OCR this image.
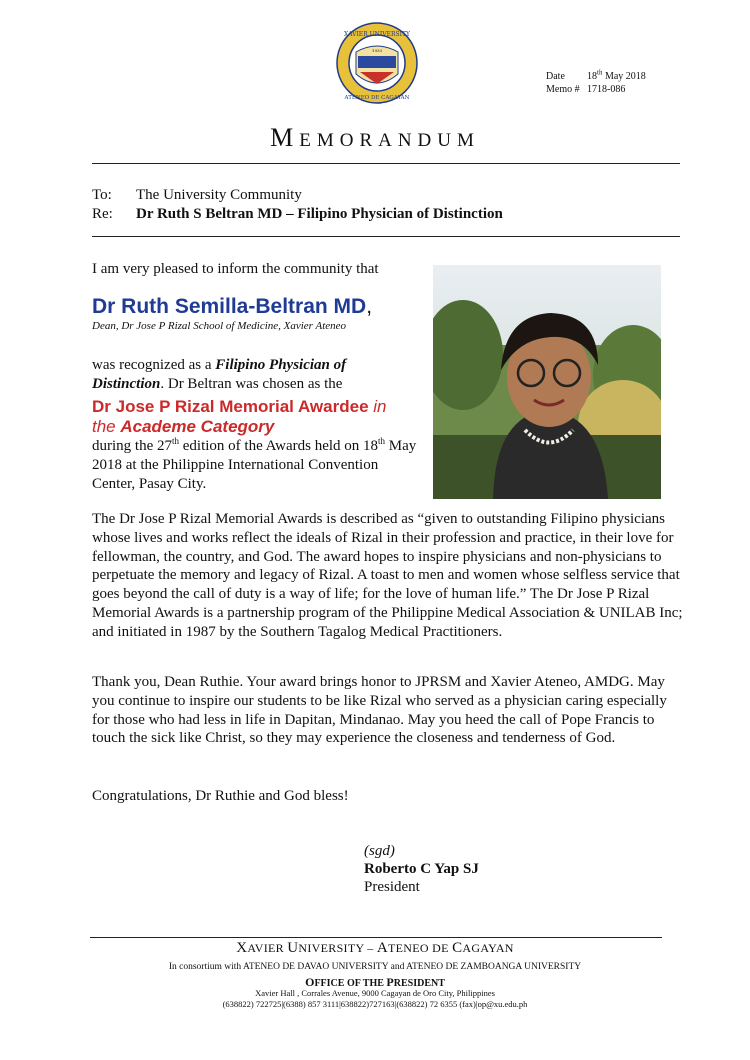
XAVIER UNIVERSITY
ATENEO DE CAGAYAN
1933
Date	18th May 2018
Memo # 1718-086
MEMORANDUM
To:	The University Community
Re:	Dr Ruth S Beltran MD – Filipino Physician of Distinction
I am very pleased to inform the community that
Dr Ruth Semilla-Beltran MD,
Dean, Dr Jose P Rizal School of Medicine, Xavier Ateneo
was recognized as a Filipino Physician of Distinction. Dr Beltran was chosen as the
Dr Jose P Rizal Memorial Awardee in the Academe Category
during the 27th edition of the Awards held on 18th May 2018 at the Philippine International Convention Center, Pasay City.
The Dr Jose P Rizal Memorial Awards is described as “given to outstanding Filipino physicians whose lives and works reflect the ideals of Rizal in their profession and practice, in their love for fellowman, the country, and God. The award hopes to inspire physicians and non-physicians to perpetuate the memory and legacy of Rizal. A toast to men and women whose selfless service that goes beyond the call of duty is a way of life; for the love of human life.” The Dr Jose P Rizal Memorial Awards is a partnership program of the Philippine Medical Association & UNILAB Inc; and initiated in 1987 by the Southern Tagalog Medical Practitioners.
Thank you, Dean Ruthie. Your award brings honor to JPRSM and Xavier Ateneo, AMDG. May you continue to inspire our students to be like Rizal who served as a physician caring especially for those who had less in life in Dapitan, Mindanao. May you heed the call of Pope Francis to touch the sick like Christ, so they may experience the closeness and tenderness of God.
Congratulations, Dr Ruthie and God bless!
(sgd)
Roberto C Yap SJ
President
XAVIER UNIVERSITY – ATENEO DE CAGAYAN
In consortium with ATENEO DE DAVAO UNIVERSITY and ATENEO DE ZAMBOANGA UNIVERSITY
OFFICE OF THE PRESIDENT
Xavier Hall , Corrales Avenue, 9000 Cagayan de Oro City, Philippines
(638822) 722725|(6388) 857 3111|638822)727163|(638822) 72 6355 (fax)|op@xu.edu.ph
